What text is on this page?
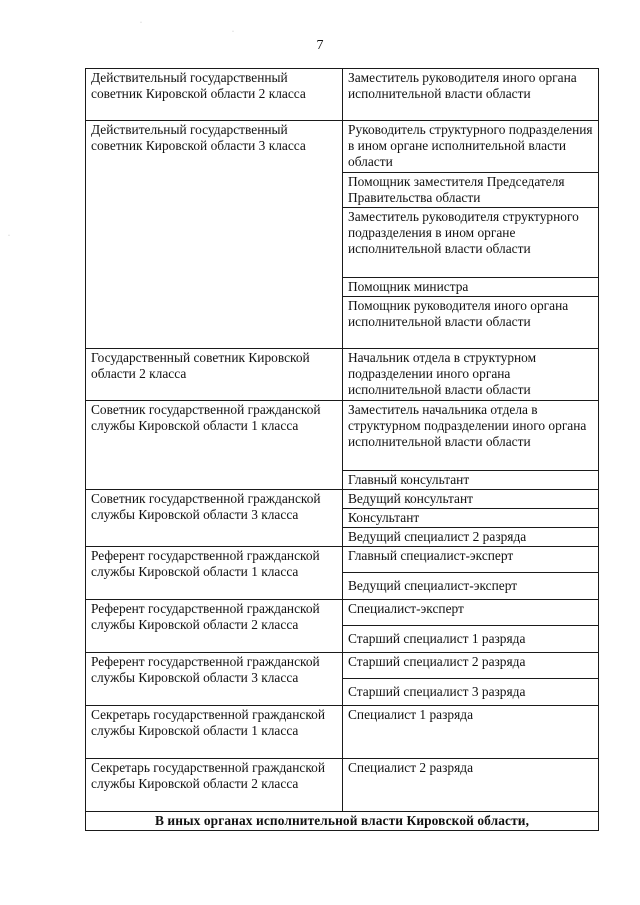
7
·
·
·
Действительный государственный советник Кировской области 2 класса	Заместитель руководителя иного органа исполнительной власти области
Действительный государственный советник Кировской области 3 класса	Руководитель структурного подразделения в ином органе исполнительной власти области
	Помощник заместителя Председателя Правительства области
	Заместитель руководителя структурного подразделения в ином органе исполнительной власти области
	Помощник министра
	Помощник руководителя иного органа исполнительной власти области
Государственный советник Кировской области 2 класса	Начальник отдела в структурном подразделении иного органа исполнительной власти области
Советник государственной гражданской службы Кировской области 1 класса	Заместитель начальника отдела в структурном подразделении иного органа исполнительной власти области
	Главный консультант
Советник государственной гражданской службы Кировской области 3 класса	Ведущий консультант
	Консультант
	Ведущий специалист 2 разряда
Референт государственной гражданской службы Кировской области 1 класса	Главный специалист-эксперт
	Ведущий специалист-эксперт
Референт государственной гражданской службы Кировской области 2 класса	Специалист-эксперт
	Старший специалист 1 разряда
Референт государственной гражданской службы Кировской области 3 класса	Старший специалист 2 разряда
	Старший специалист 3 разряда
Секретарь государственной гражданской службы Кировской области 1 класса	Специалист 1 разряда
Секретарь государственной гражданской службы Кировской области 2 класса	Специалист 2 разряда
В иных органах исполнительной власти Кировской области,	
